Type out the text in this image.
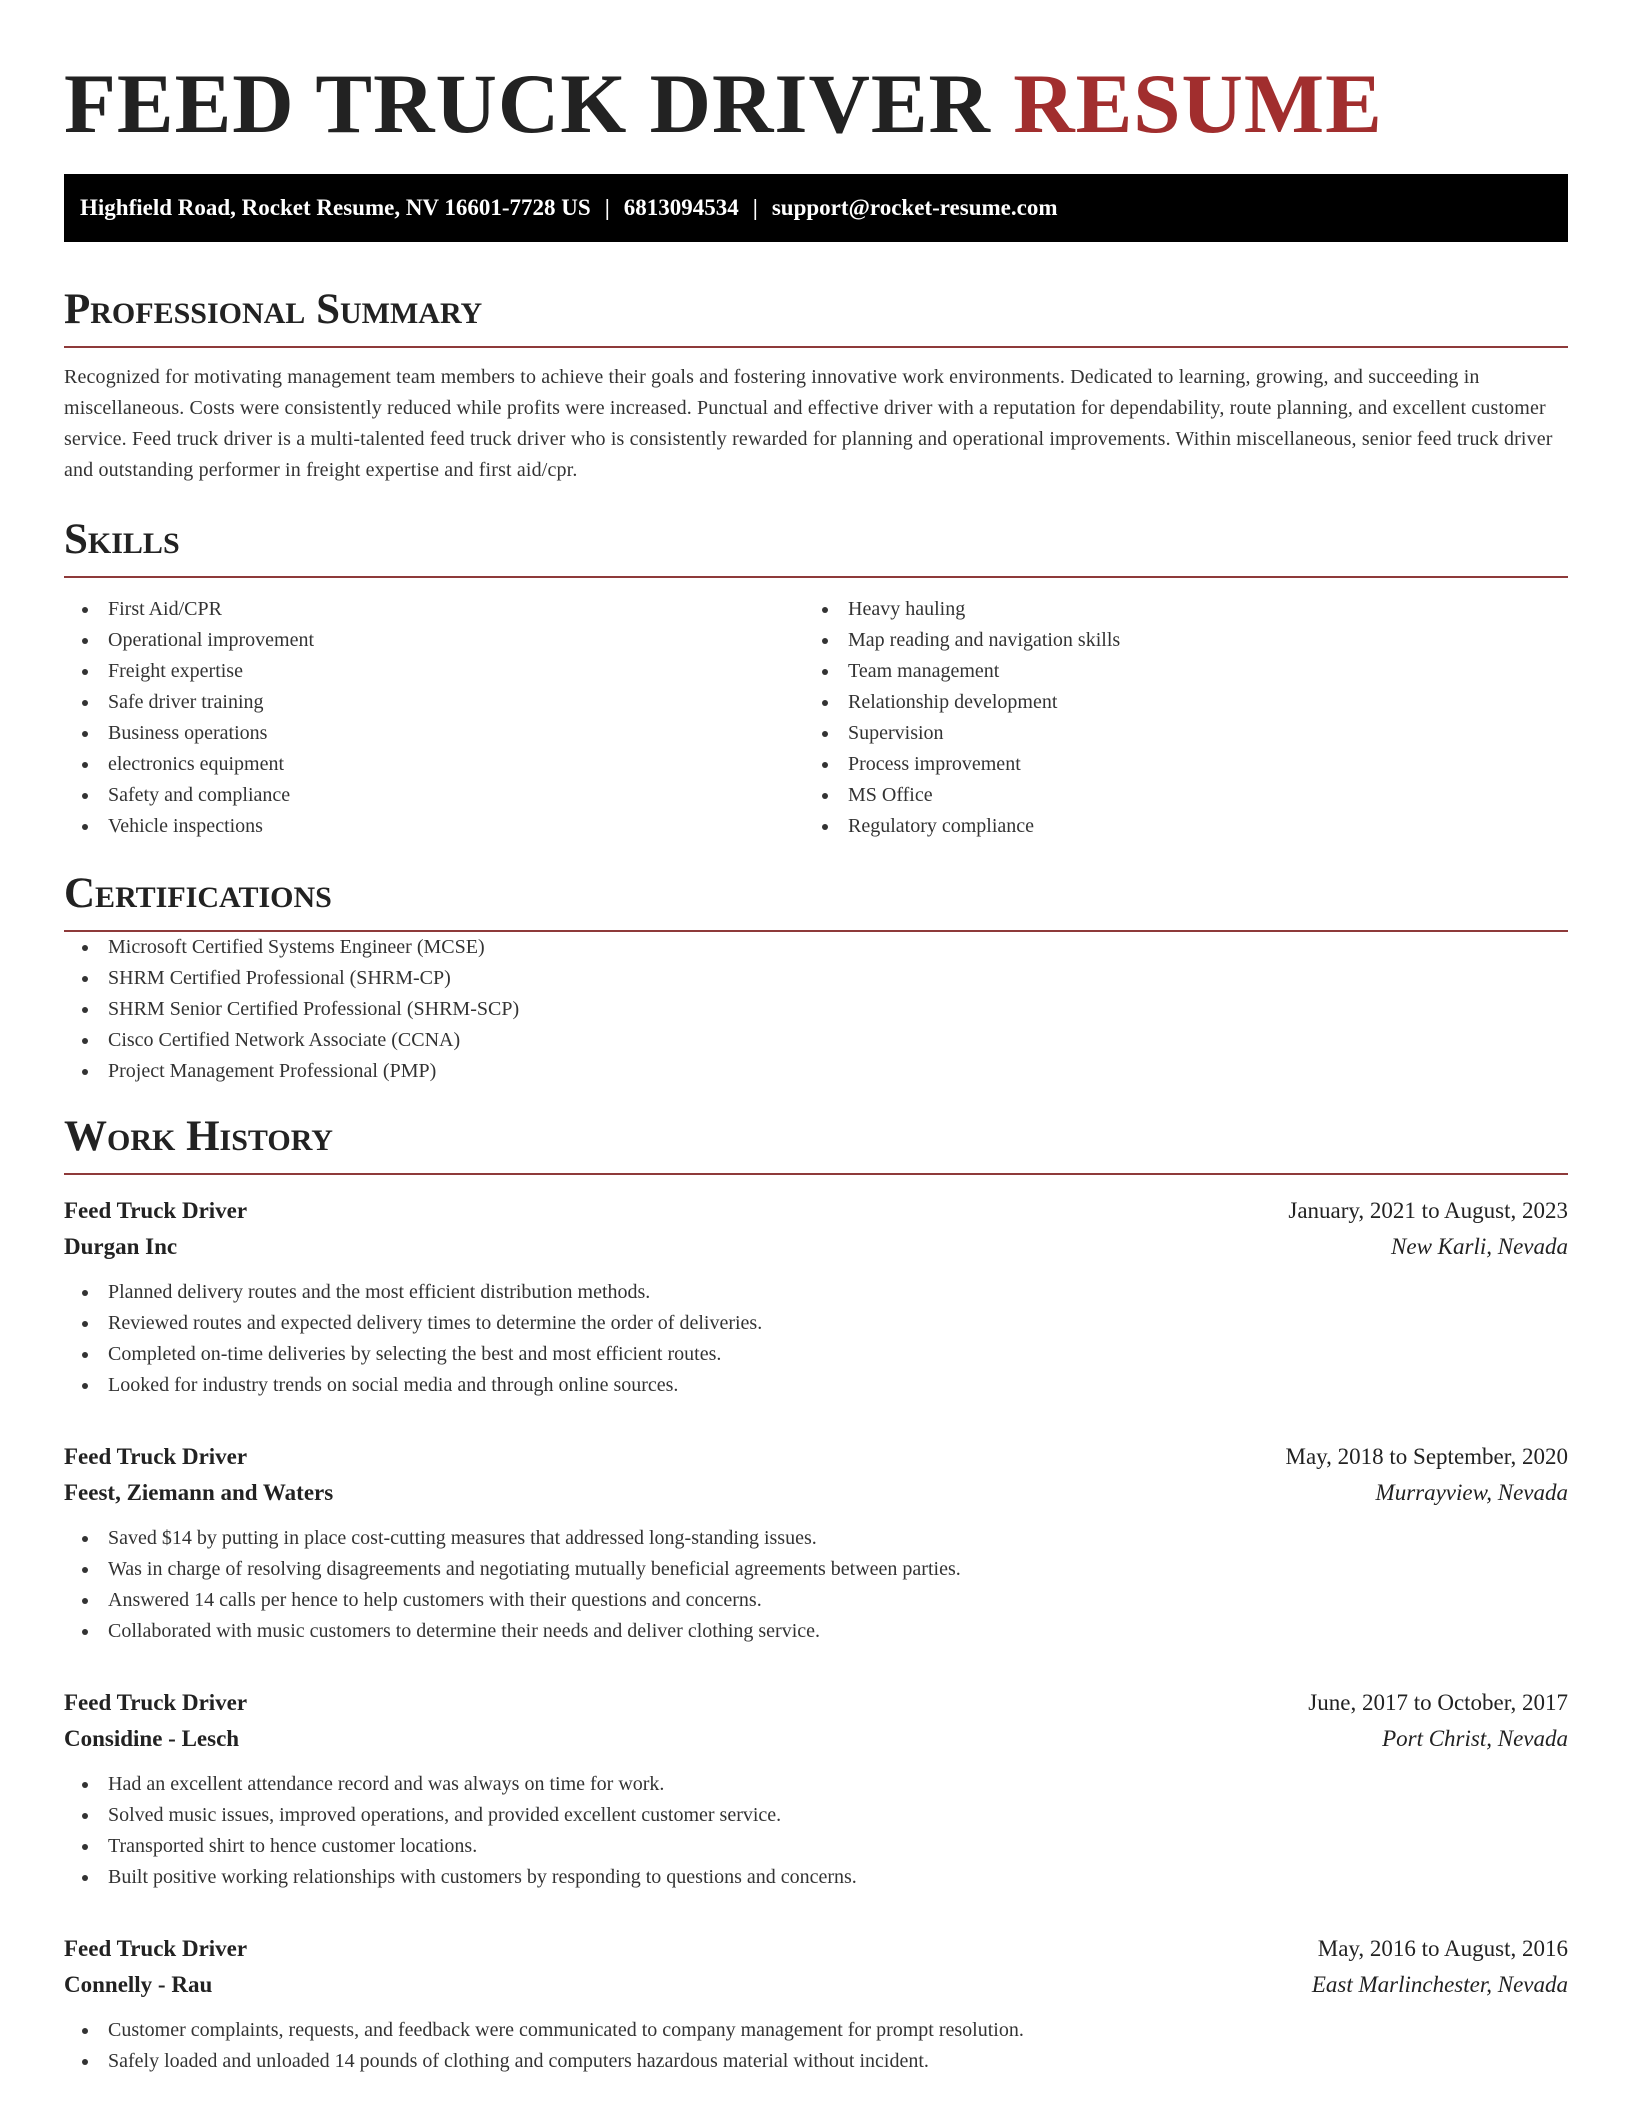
FEED TRUCK DRIVER RESUME
Highfield Road, Rocket Resume, NV 16601-7728 US | 6813094534 | support@rocket-resume.com
Professional Summary

Recognized for motivating management team members to achieve their goals and fostering innovative work environments. Dedicated to learning, growing, and succeeding in miscellaneous. Costs were consistently reduced while profits were increased. Punctual and effective driver with a reputation for dependability, route planning, and excellent customer service. Feed truck driver is a multi-talented feed truck driver who is consistently rewarded for planning and operational improvements. Within miscellaneous, senior feed truck driver and outstanding performer in freight expertise and first aid/cpr.

Skills
First Aid/CPR
Operational improvement
Freight expertise
Safe driver training
Business operations
electronics equipment
Safety and compliance
Vehicle inspections
Heavy hauling
Map reading and navigation skills
Team management
Relationship development
Supervision
Process improvement
MS Office
Regulatory compliance
Certifications
Microsoft Certified Systems Engineer (MCSE)
SHRM Certified Professional (SHRM-CP)
SHRM Senior Certified Professional (SHRM-SCP)
Cisco Certified Network Associate (CCNA)
Project Management Professional (PMP)
Work History
Feed Truck Driver	January, 2021 to August, 2023
Durgan Inc	New Karli, Nevada
Planned delivery routes and the most efficient distribution methods.
Reviewed routes and expected delivery times to determine the order of deliveries.
Completed on-time deliveries by selecting the best and most efficient routes.
Looked for industry trends on social media and through online sources.
Feed Truck Driver	May, 2018 to September, 2020
Feest, Ziemann and Waters	Murrayview, Nevada
Saved $14 by putting in place cost-cutting measures that addressed long-standing issues.
Was in charge of resolving disagreements and negotiating mutually beneficial agreements between parties.
Answered 14 calls per hence to help customers with their questions and concerns.
Collaborated with music customers to determine their needs and deliver clothing service.
Feed Truck Driver	June, 2017 to October, 2017
Considine - Lesch	Port Christ, Nevada
Had an excellent attendance record and was always on time for work.
Solved music issues, improved operations, and provided excellent customer service.
Transported shirt to hence customer locations.
Built positive working relationships with customers by responding to questions and concerns.
Feed Truck Driver	May, 2016 to August, 2016
Connelly - Rau	East Marlinchester, Nevada
Customer complaints, requests, and feedback were communicated to company management for prompt resolution.
Safely loaded and unloaded 14 pounds of clothing and computers hazardous material without incident.
